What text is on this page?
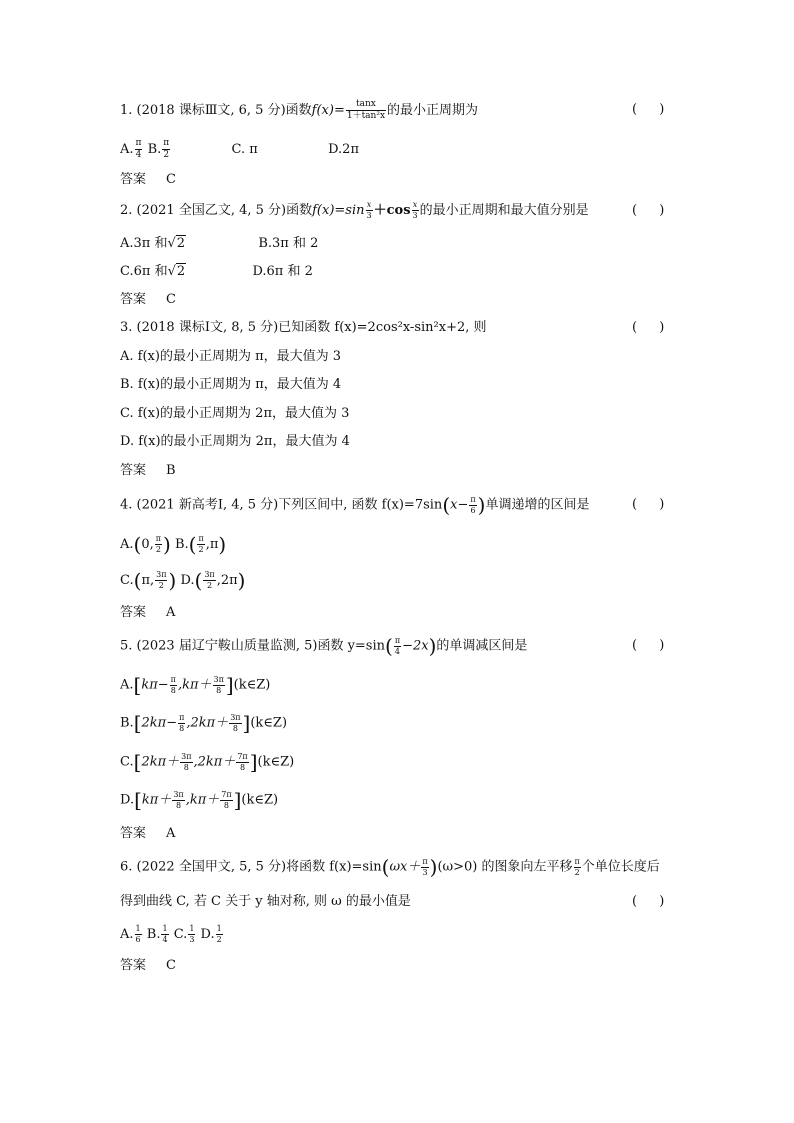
1. (2018 课标Ⅲ文, 6, 5 分)函数$f(x)= \frac{\tan x}{\text{1＋tan²x}}$ 的最小正周期为	( )
A. $\frac{\pi}{4} B$. $\frac{\pi}{2}$	C. π	D.2π
答案 C
2. (2021 全国乙文, 4, 5 分)函数$f(x)=\sin \frac{x}{3} +\cos \frac{x}{3}$ 的最小正周期和最大值分别是	( )
A.3π 和√2	B.3π 和 2
C.6π 和√2	D.6π 和 2
答案 C
3. (2018 课标Ⅰ文, 8, 5 分)已知函数 f(x)=2cos²x-sin²x+2, 则	( )
A. f(x)的最小正周期为 π，最大值为 3
B. f(x)的最小正周期为 π，最大值为 4
C. f(x)的最小正周期为 2π，最大值为 3
D. f(x)的最小正周期为 2π，最大值为 4
答案 B
4. (2021 新高考Ⅰ, 4, 5 分)下列区间中, 函数 $f(x)=7\sin(x- \frac{\pi}{6}$ )单调递增的区间是	( )
A.(0, $\frac{\pi}{2}$ ) $B.( \frac{\pi}{2} ,\pi)$
C.(π, $\frac{3\pi}{2}$ ) $D.( \frac{3\pi}{2} ,2\pi)$
答案 A
5. (2023 届辽宁鞍山质量监测, 5)函数 $y=\sin( \frac{\pi}{4} -2x)$的单调减区间是	( )
$A.[k\pi- \frac{\pi}{8} ,k\pi+ \frac{3\pi}{8}$ ](k∈Z)
$B.[2k\pi- \frac{\pi}{8} ,2k\pi+ \frac{3\pi}{8}$ ](k∈Z)
$C.[2k\pi+ \frac{3\pi}{8} ,2k\pi+ \frac{7\pi}{8}$ ](k∈Z)
$D.[k\pi+ \frac{3\pi}{8} ,k\pi+ \frac{7\pi}{8}$ ](k∈Z)
答案 A
6. (2022 全国甲文, 5, 5 分)将函数 $f(x)=\sin(\omega x+ \frac{\pi}{3} )(\omega>0)$ 的图象向左平移 $\frac{\pi}{2}$ 个单位长度后
得到曲线 C, 若 C 关于 y 轴对称, 则 ω 的最小值是	( )
A. $\frac{1}{6} B$. $\frac{1}{4} C$. $\frac{1}{3} D$. $\frac{1}{2}$
答案 C
